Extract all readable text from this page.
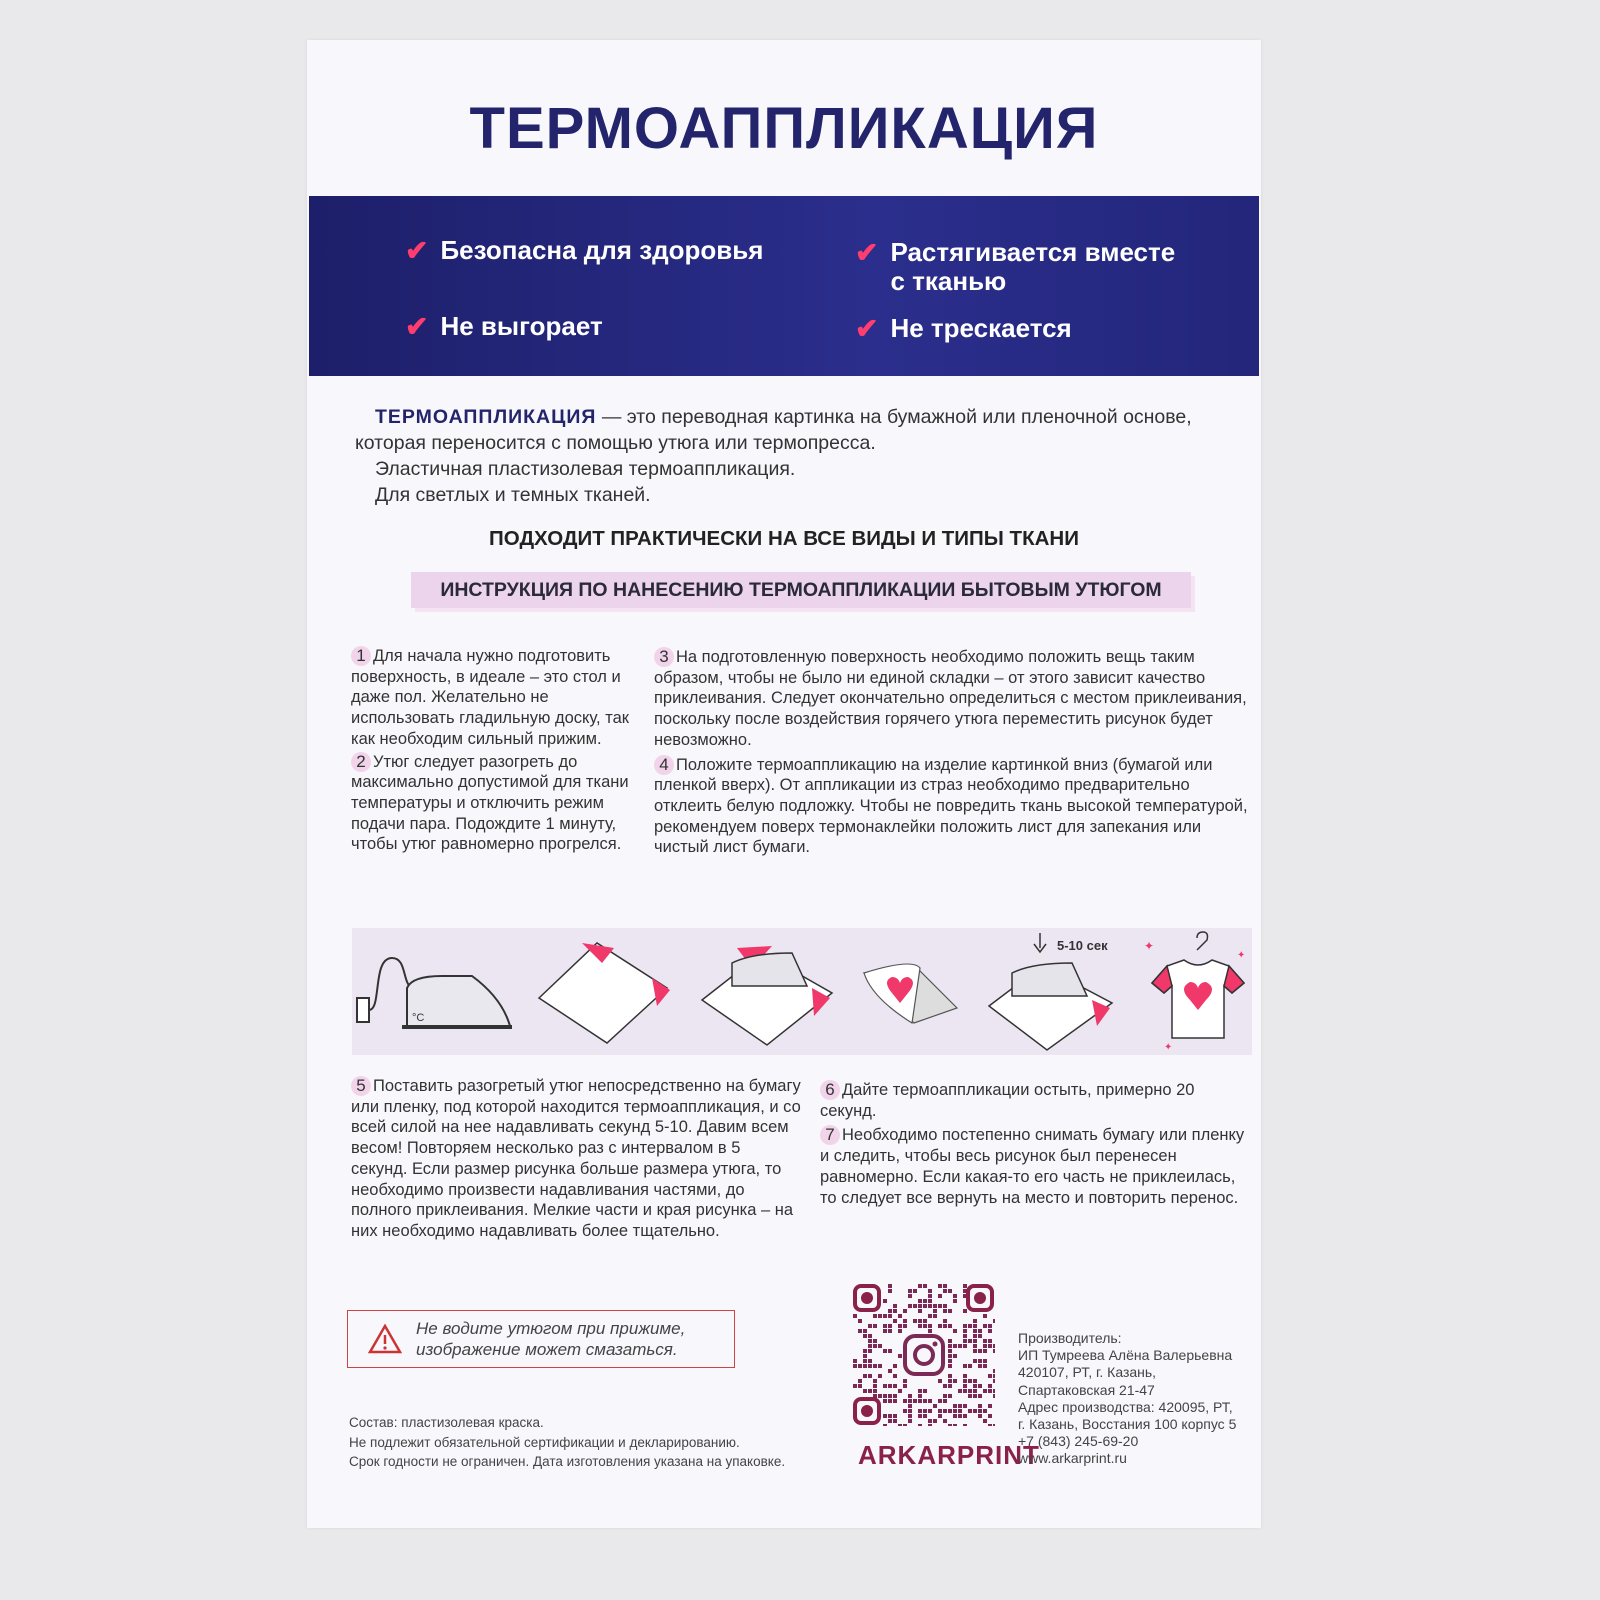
ТЕРМОАППЛИКАЦИЯ
✔ Безопасна для здоровья	✔ Растягивается вместе с тканью
✔ Не выгорает	✔ Не трескается
ТЕРМОАППЛИКАЦИЯ — это переводная картинка на бумажной или пленочной основе, которая переносится с помощью утюга или термопресса.
Эластичная пластизолевая термоаппликация.
Для светлых и темных тканей.
ПОДХОДИТ ПРАКТИЧЕСКИ НА ВСЕ ВИДЫ И ТИПЫ ТКАНИ
ИНСТРУКЦИЯ ПО НАНЕСЕНИЮ ТЕРМОАППЛИКАЦИИ БЫТОВЫМ УТЮГОМ
1 Для начала нужно подготовить поверхность, в идеале – это стол и даже пол. Желательно не использовать гладильную доску, так как необходим сильный прижим.
2 Утюг следует разогреть до максимально допустимой для ткани температуры и отключить режим подачи пара. Подождите 1 минуту, чтобы утюг равномерно прогрелся.
3 На подготовленную поверхность необходимо положить вещь таким образом, чтобы не было ни единой складки – от этого зависит качество приклеивания. Следует окончательно определиться с местом приклеивания, поскольку после воздействия горячего утюга переместить рисунок будет невозможно.
4 Положите термоаппликацию на изделие картинкой вниз (бумагой или пленкой вверх). От аппликации из страз необходимо предварительно отклеить белую подложку. Чтобы не повредить ткань высокой температурой, рекомендуем поверх термонаклейки положить лист для запекания или чистый лист бумаги.
°C
5-10 сек	✦
✦
✦
5 Поставить разогретый утюг непосредственно на бумагу или пленку, под которой находится термоаппликация, и со всей силой на нее надавливать секунд 5-10. Давим всем весом! Повторяем несколько раз с интервалом в 5 секунд. Если размер рисунка больше размера утюга, то необходимо произвести надавливания частями, до полного приклеивания. Мелкие части и края рисунка – на них необходимо надавливать более тщательно.
6 Дайте термоаппликации остыть, примерно 20 секунд.
7 Необходимо постепенно снимать бумагу или пленку и следить, чтобы весь рисунок был перенесен равномерно. Если какая-то его часть не приклеилась, то следует все вернуть на место и повторить перенос.
Не водите утюгом при прижиме, изображение может смазаться.
Состав: пластизолевая краска.
Не подлежит обязательной сертификации и декларированию.
Срок годности не ограничен. Дата изготовления указана на упаковке.	ARKARPRINT
Производитель:
ИП Тумреева Алёна Валерьевна
420107, РТ, г. Казань,
Спартаковская 21-47
Адрес производства: 420095, РТ,
г. Казань, Восстания 100 корпус 5
+7 (843) 245-69-20
www.arkarprint.ru
